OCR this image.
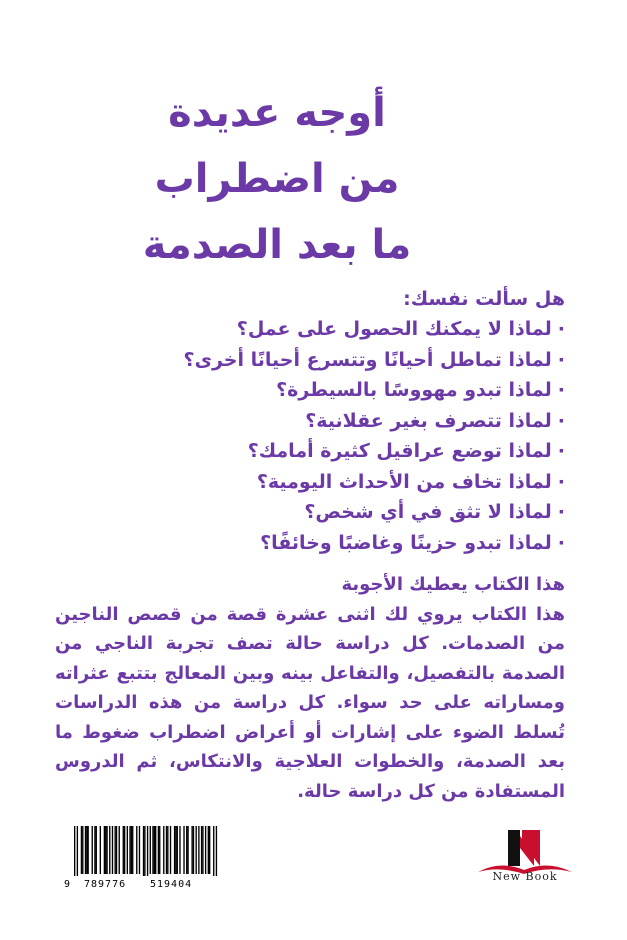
أوجه عديدة
من اضطراب
ما بعد الصدمة
هل سألت نفسك:
·لماذا لا يمكنك الحصول على عمل؟
·لماذا تماطل أحيانًا وتتسرع أحيانًا أخرى؟
·لماذا تبدو مهووسًا بالسيطرة؟
·لماذا تتصرف بغير عقلانية؟
·لماذا توضع عراقيل كثيرة أمامك؟
·لماذا تخاف من الأحداث اليومية؟
·لماذا لا تثق في أي شخص؟
·لماذا تبدو حزينًا وغاضبًا وخائفًا؟

هذا الكتاب يعطيك الأجوبة

هذا الكتاب يروي لك اثنى عشرة قصة من قصص الناجين من الصدمات. كل دراسة حالة تصف تجربة الناجي من الصدمة بالتفصيل، والتفاعل بينه وبين المعالج بتتبع عثراته ومساراته على حد سواء. كل دراسة من هذه الدراسات تُسلط الضوء على إشارات أو أعراض اضطراب ضغوط ما بعد الصدمة، والخطوات العلاجية والانتكاس، ثم الدروس المستفادة من كل دراسة حالة.

9 789776 519404
New Book
